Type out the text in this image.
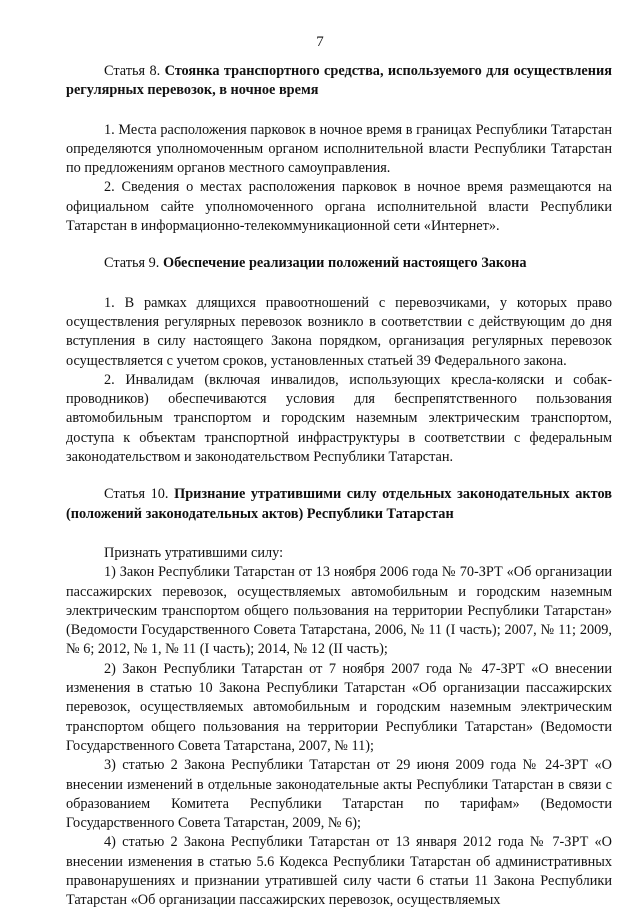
7

Статья 8. Стоянка транспортного средства, используемого для осуществления регулярных перевозок, в ночное время

1. Места расположения парковок в ночное время в границах Республики Татарстан определяются уполномоченным органом исполнительной власти Республики Татарстан по предложениям органов местного самоуправления.

2. Сведения о местах расположения парковок в ночное время размещаются на официальном сайте уполномоченного органа исполнительной власти Республики Татарстан в информационно-телекоммуникационной сети «Интернет».

Статья 9. Обеспечение реализации положений настоящего Закона

1. В рамках длящихся правоотношений с перевозчиками, у которых право осуществления регулярных перевозок возникло в соответствии с действующим до дня вступления в силу настоящего Закона порядком, организация регулярных перевозок осуществляется с учетом сроков, установленных статьей 39 Федерального закона.

2. Инвалидам (включая инвалидов, использующих кресла-коляски и собак-проводников) обеспечиваются условия для беспрепятственного пользования автомобильным транспортом и городским наземным электрическим транспортом, доступа к объектам транспортной инфраструктуры в соответствии с федеральным законодательством и законодательством Республики Татарстан.

Статья 10. Признание утратившими силу отдельных законодательных актов (положений законодательных актов) Республики Татарстан

Признать утратившими силу:

1) Закон Республики Татарстан от 13 ноября 2006 года № 70-ЗРТ «Об организации пассажирских перевозок, осуществляемых автомобильным и городским наземным электрическим транспортом общего пользования на территории Республики Татарстан» (Ведомости Государственного Совета Татарстана, 2006, № 11 (I часть); 2007, № 11; 2009, № 6; 2012, № 1, № 11 (I часть); 2014, № 12 (II часть);

2) Закон Республики Татарстан от 7 ноября 2007 года № 47-ЗРТ «О внесении изменения в статью 10 Закона Республики Татарстан «Об организации пассажирских перевозок, осуществляемых автомобильным и городским наземным электрическим транспортом общего пользования на территории Республики Татарстан» (Ведомости Государственного Совета Татарстана, 2007, № 11);

3) статью 2 Закона Республики Татарстан от 29 июня 2009 года № 24-ЗРТ «О внесении изменений в отдельные законодательные акты Республики Татарстан в связи с образованием Комитета Республики Татарстан по тарифам» (Ведомости Государственного Совета Татарстан, 2009, № 6);

4) статью 2 Закона Республики Татарстан от 13 января 2012 года № 7-ЗРТ «О внесении изменения в статью 5.6 Кодекса Республики Татарстан об административных правонарушениях и признании утратившей силу части 6 статьи 11 Закона Республики Татарстан «Об организации пассажирских перевозок, осуществляемых
